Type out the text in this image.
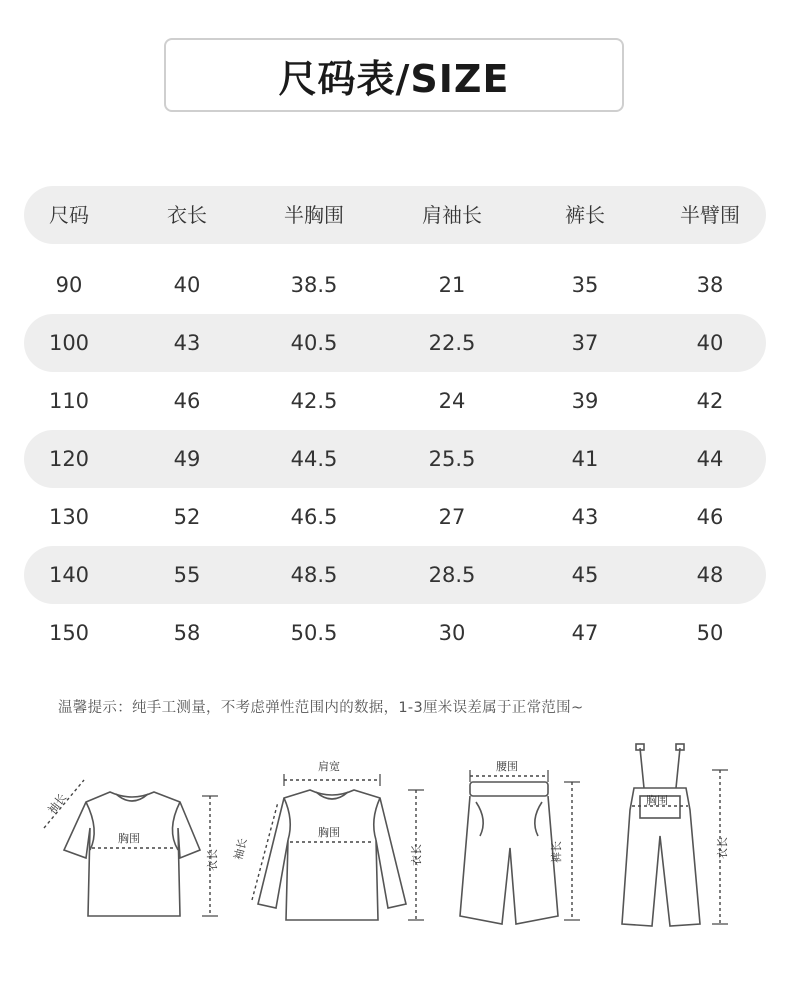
尺码表/SIZE
尺码	衣长	半胸围	肩袖长	裤长	半臂围
90	40	38.5	21	35	38
100	43	40.5	22.5	37	40
110	46	42.5	24	39	42
120	49	44.5	25.5	41	44
130	52	46.5	27	43	46
140	55	48.5	28.5	45	48
150	58	50.5	30	47	50
温馨提示：纯手工测量，不考虑弹性范围内的数据，1-3厘米误差属于正常范围~
胸围
衣长
袖长
肩宽
胸围
衣长
袖长
腰围
裤长
胸围
衣长
